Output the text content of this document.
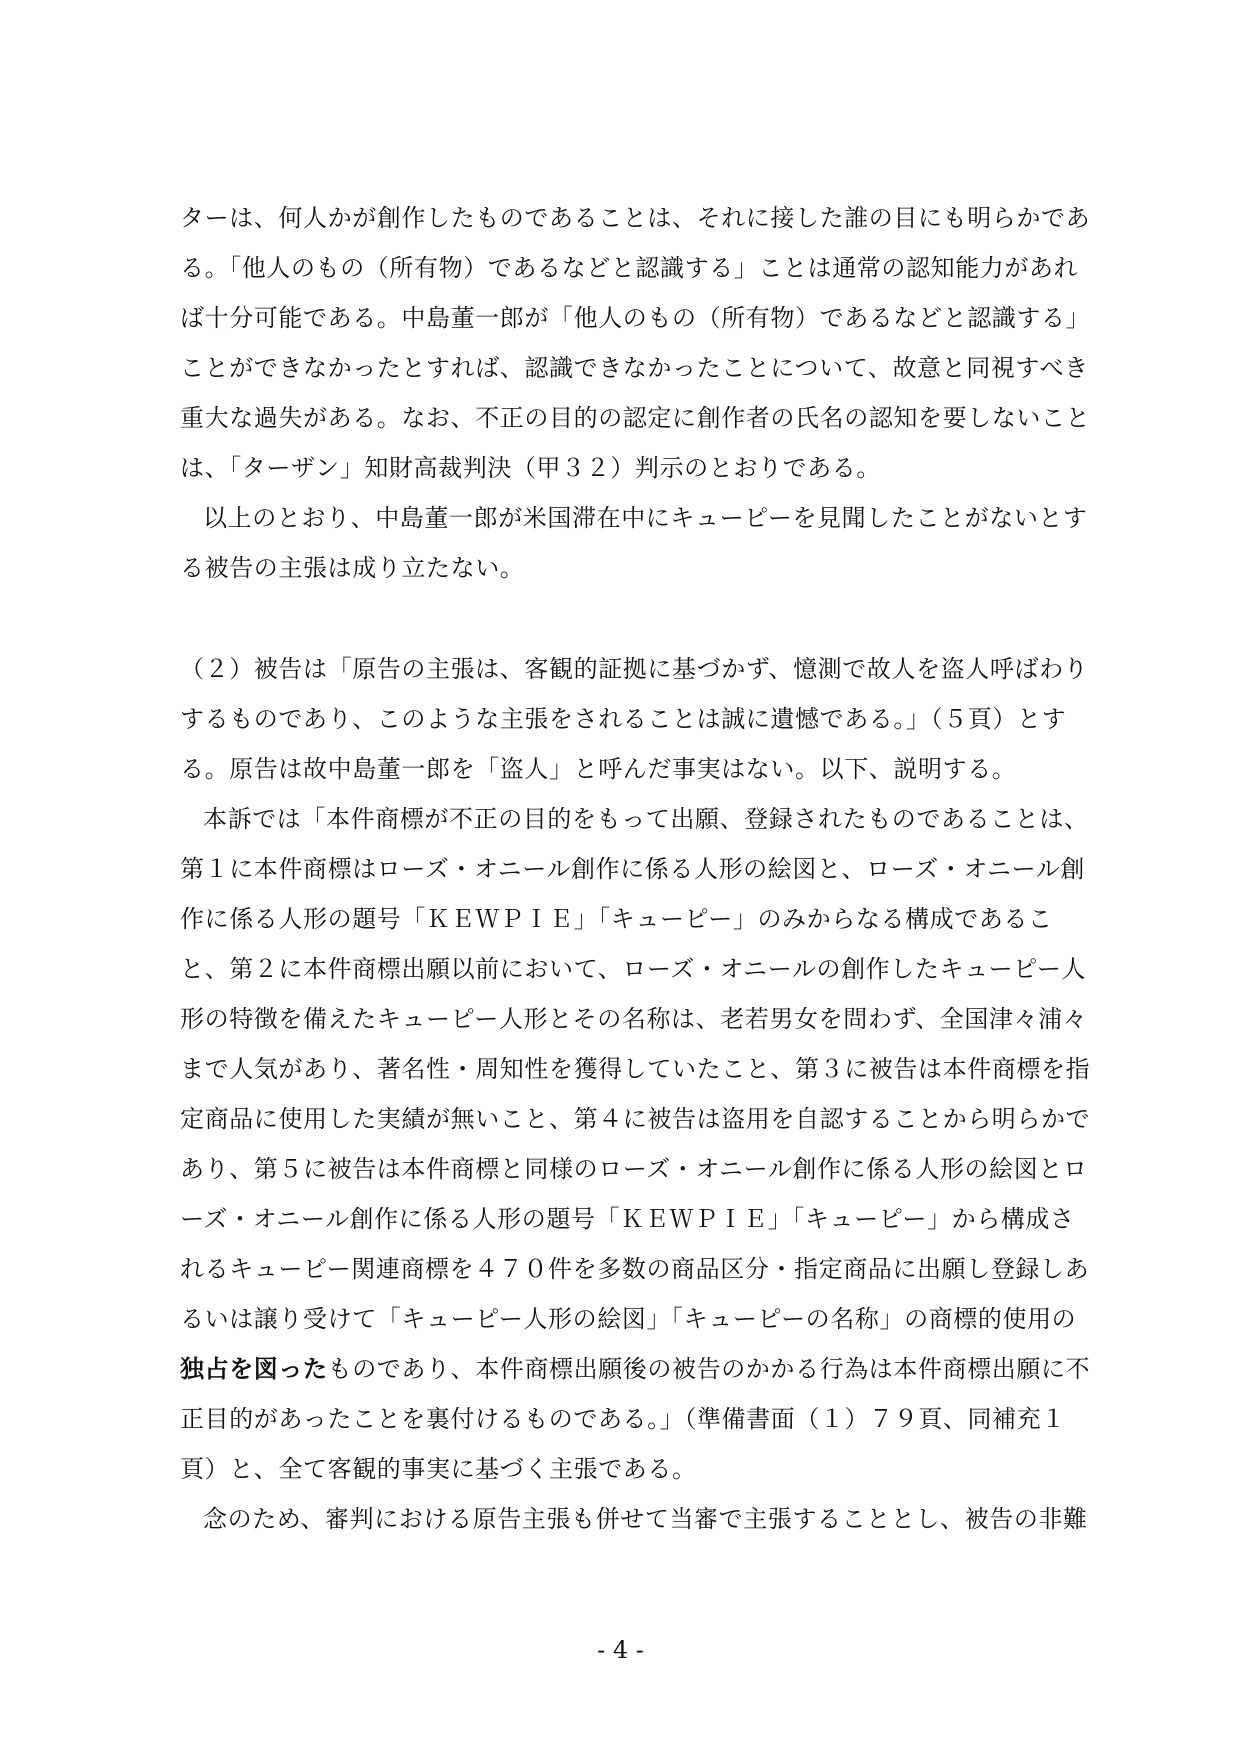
ターは、何人かが創作したものであることは、それに接した誰の目にも明らかであ
る。「他人のもの（所有物）であるなどと認識する」ことは通常の認知能力があれ
ば十分可能である。中島董一郎が「他人のもの（所有物）であるなどと認識する」
ことができなかったとすれば、認識できなかったことについて、故意と同視すべき
重大な過失がある。なお、不正の目的の認定に創作者の氏名の認知を要しないこと
は、「ターザン」知財高裁判決（甲３２）判示のとおりである。
以上のとおり、中島董一郎が米国滞在中にキューピーを見聞したことがないとす
る被告の主張は成り立たない。
（２）被告は「原告の主張は、客観的証拠に基づかず、憶測で故人を盗人呼ばわり
するものであり、このような主張をされることは誠に遺憾である。」（５頁）とす
る。原告は故中島董一郎を「盗人」と呼んだ事実はない。以下、説明する。
本訴では「本件商標が不正の目的をもって出願、登録されたものであることは、
第１に本件商標はローズ・オニール創作に係る人形の絵図と、ローズ・オニール創
作に係る人形の題号「ＫＥＷＰＩＥ」「キューピー」のみからなる構成であるこ
と、第２に本件商標出願以前において、ローズ・オニールの創作したキューピー人
形の特徴を備えたキューピー人形とその名称は、老若男女を問わず、全国津々浦々
まで人気があり、著名性・周知性を獲得していたこと、第３に被告は本件商標を指
定商品に使用した実績が無いこと、第４に被告は盗用を自認することから明らかで
あり、第５に被告は本件商標と同様のローズ・オニール創作に係る人形の絵図とロ
ーズ・オニール創作に係る人形の題号「ＫＥＷＰＩＥ」「キューピー」から構成さ
れるキューピー関連商標を４７０件を多数の商品区分・指定商品に出願し登録しあ
るいは譲り受けて「キューピー人形の絵図」「キューピーの名称」の商標的使用の
独占を図ったものであり、本件商標出願後の被告のかかる行為は本件商標出願に不
正目的があったことを裏付けるものである。」（準備書面（１）７９頁、同補充１
頁）と、全て客観的事実に基づく主張である。
念のため、審判における原告主張も併せて当審で主張することとし、被告の非難
- 4 -
